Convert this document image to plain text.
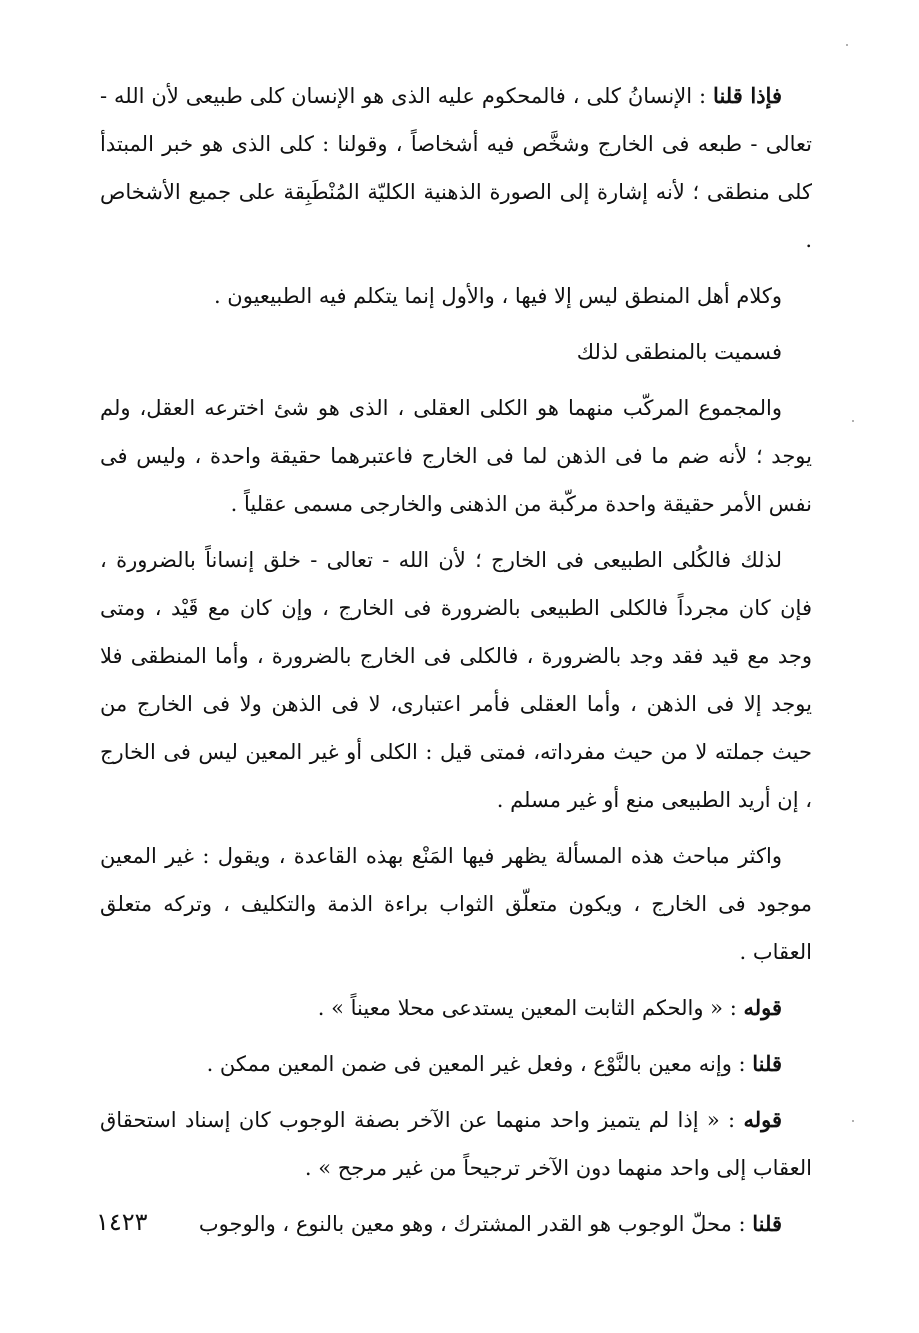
فإذا قلنا : الإنسانُ كلى ، فالمحكوم عليه الذى هو الإنسان كلى طبيعى لأن الله - تعالى - طبعه فى الخارج وشخَّص فيه أشخاصاً ، وقولنا : كلى الذى هو خبر المبتدأ كلى منطقى ؛ لأنه إشارة إلى الصورة الذهنية الكليّة المُنْطَبِقة على جميع الأشخاص .

وكلام أهل المنطق ليس إلا فيها ، والأول إنما يتكلم فيه الطبيعيون .

فسميت بالمنطقى لذلك

والمجموع المركّب منهما هو الكلى العقلى ، الذى هو شئ اخترعه العقل، ولم يوجد ؛ لأنه ضم ما فى الذهن لما فى الخارج فاعتبرهما حقيقة واحدة ، وليس فى نفس الأمر حقيقة واحدة مركّبة من الذهنى والخارجى مسمى عقلياً .

لذلك فالكُلى الطبيعى فى الخارج ؛ لأن الله - تعالى - خلق إنساناً بالضرورة ، فإن كان مجرداً فالكلى الطبيعى بالضرورة فى الخارج ، وإن كان مع قَيْد ، ومتى وجد مع قيد فقد وجد بالضرورة ، فالكلى فى الخارج بالضرورة ، وأما المنطقى فلا يوجد إلا فى الذهن ، وأما العقلى فأمر اعتبارى، لا فى الذهن ولا فى الخارج من حيث جملته لا من حيث مفرداته، فمتى قيل : الكلى أو غير المعين ليس فى الخارج ، إن أريد الطبيعى منع أو غير مسلم .

واكثر مباحث هذه المسألة يظهر فيها المَنْع بهذه القاعدة ، ويقول : غير المعين موجود فى الخارج ، ويكون متعلّق الثواب براءة الذمة والتكليف ، وتركه متعلق العقاب .

قوله : « والحكم الثابت المعين يستدعى محلا معيناً » .

قلنا : وإنه معين بالنَّوْع ، وفعل غير المعين فى ضمن المعين ممكن .

قوله : « إذا لم يتميز واحد منهما عن الآخر بصفة الوجوب كان إسناد استحقاق العقاب إلى واحد منهما دون الآخر ترجيحاً من غير مرجح » .

قلنا : محلّ الوجوب هو القدر المشترك ، وهو معين بالنوع ، والوجوب

١٤٢٣
